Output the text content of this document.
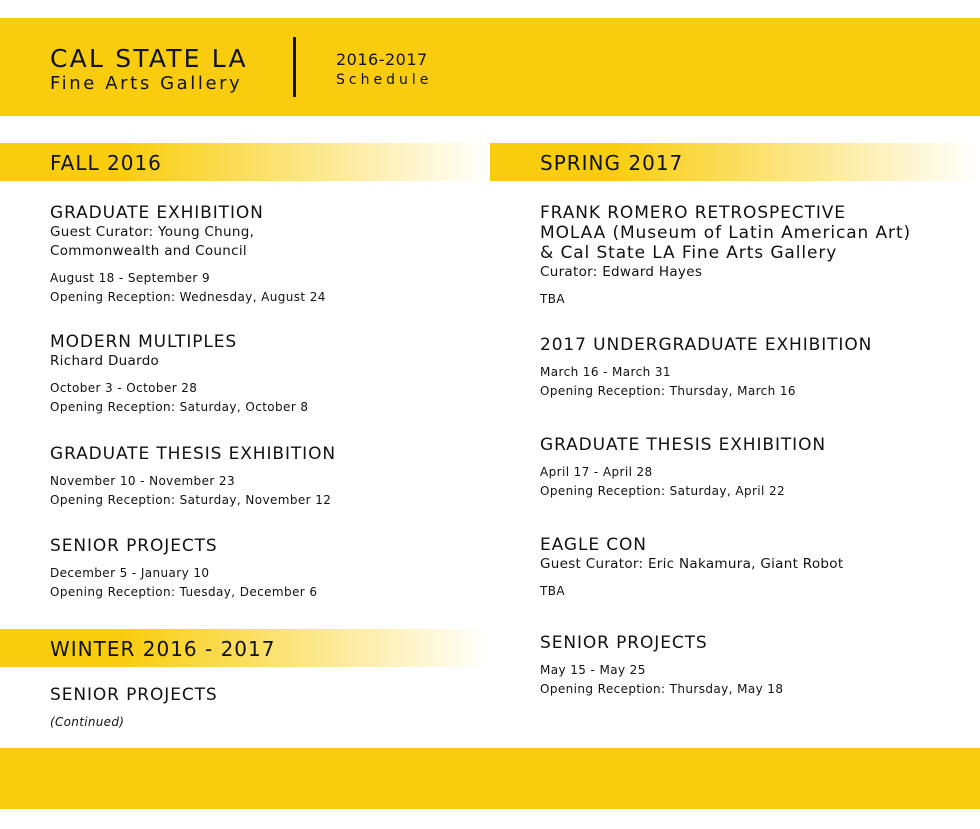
CAL STATE LA
Fine Arts Gallery
2016-2017
Schedule
FALL 2016
GRADUATE EXHIBITION
Guest Curator: Young Chung,
Commonwealth and Council
August 18 - September 9
Opening Reception: Wednesday, August 24
MODERN MULTIPLES
Richard Duardo
October 3 - October 28
Opening Reception: Saturday, October 8
GRADUATE THESIS EXHIBITION
November 10 - November 23
Opening Reception: Saturday, November 12
SENIOR PROJECTS
December 5 - January 10
Opening Reception: Tuesday, December 6
WINTER 2016 - 2017
SENIOR PROJECTS
(Continued)
SPRING 2017
FRANK ROMERO RETROSPECTIVE
MOLAA (Museum of Latin American Art)
& Cal State LA Fine Arts Gallery
Curator: Edward Hayes
TBA
2017 UNDERGRADUATE EXHIBITION
March 16 - March 31
Opening Reception: Thursday, March 16
GRADUATE THESIS EXHIBITION
April 17 - April 28
Opening Reception: Saturday, April 22
EAGLE CON
Guest Curator: Eric Nakamura, Giant Robot
TBA
SENIOR PROJECTS
May 15 - May 25
Opening Reception: Thursday, May 18
